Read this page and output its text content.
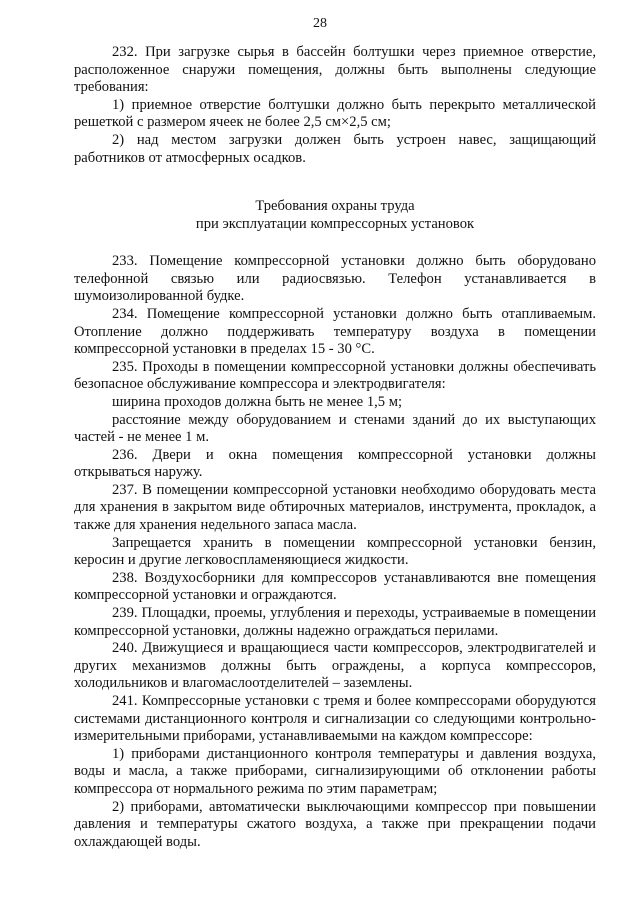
28

232. При загрузке сырья в бассейн болтушки через приемное отверстие, расположенное снаружи помещения, должны быть выполнены следующие требования:

1) приемное отверстие болтушки должно быть перекрыто металлической решеткой с размером ячеек не более 2,5 см×2,5 см;

2) над местом загрузки должен быть устроен навес, защищающий работников от атмосферных осадков.

Требования охраны труда
при эксплуатации компрессорных установок

233. Помещение компрессорной установки должно быть оборудовано телефонной связью или радиосвязью. Телефон устанавливается в шумоизолированной будке.

234. Помещение компрессорной установки должно быть отапливаемым. Отопление должно поддерживать температуру воздуха в помещении компрессорной установки в пределах 15 - 30 °С.

235. Проходы в помещении компрессорной установки должны обеспечивать безопасное обслуживание компрессора и электродвигателя:

ширина проходов должна быть не менее 1,5 м;

расстояние между оборудованием и стенами зданий до их выступающих частей - не менее 1 м.

236. Двери и окна помещения компрессорной установки должны открываться наружу.

237. В помещении компрессорной установки необходимо оборудовать места для хранения в закрытом виде обтирочных материалов, инструмента, прокладок, а также для хранения недельного запаса масла.

Запрещается хранить в помещении компрессорной установки бензин, керосин и другие легковоспламеняющиеся жидкости.

238. Воздухосборники для компрессоров устанавливаются вне помещения компрессорной установки и ограждаются.

239. Площадки, проемы, углубления и переходы, устраиваемые в помещении компрессорной установки, должны надежно ограждаться перилами.

240. Движущиеся и вращающиеся части компрессоров, электродвигателей и других механизмов должны быть ограждены, а корпуса компрессоров, холодильников и влагомаслоотделителей – заземлены.

241. Компрессорные установки с тремя и более компрессорами оборудуются системами дистанционного контроля и сигнализации со следующими контрольно-измерительными приборами, устанавливаемыми на каждом компрессоре:

1) приборами дистанционного контроля температуры и давления воздуха, воды и масла, а также приборами, сигнализирующими об отклонении работы компрессора от нормального режима по этим параметрам;

2) приборами, автоматически выключающими компрессор при повышении давления и температуры сжатого воздуха, а также при прекращении подачи охлаждающей воды.
